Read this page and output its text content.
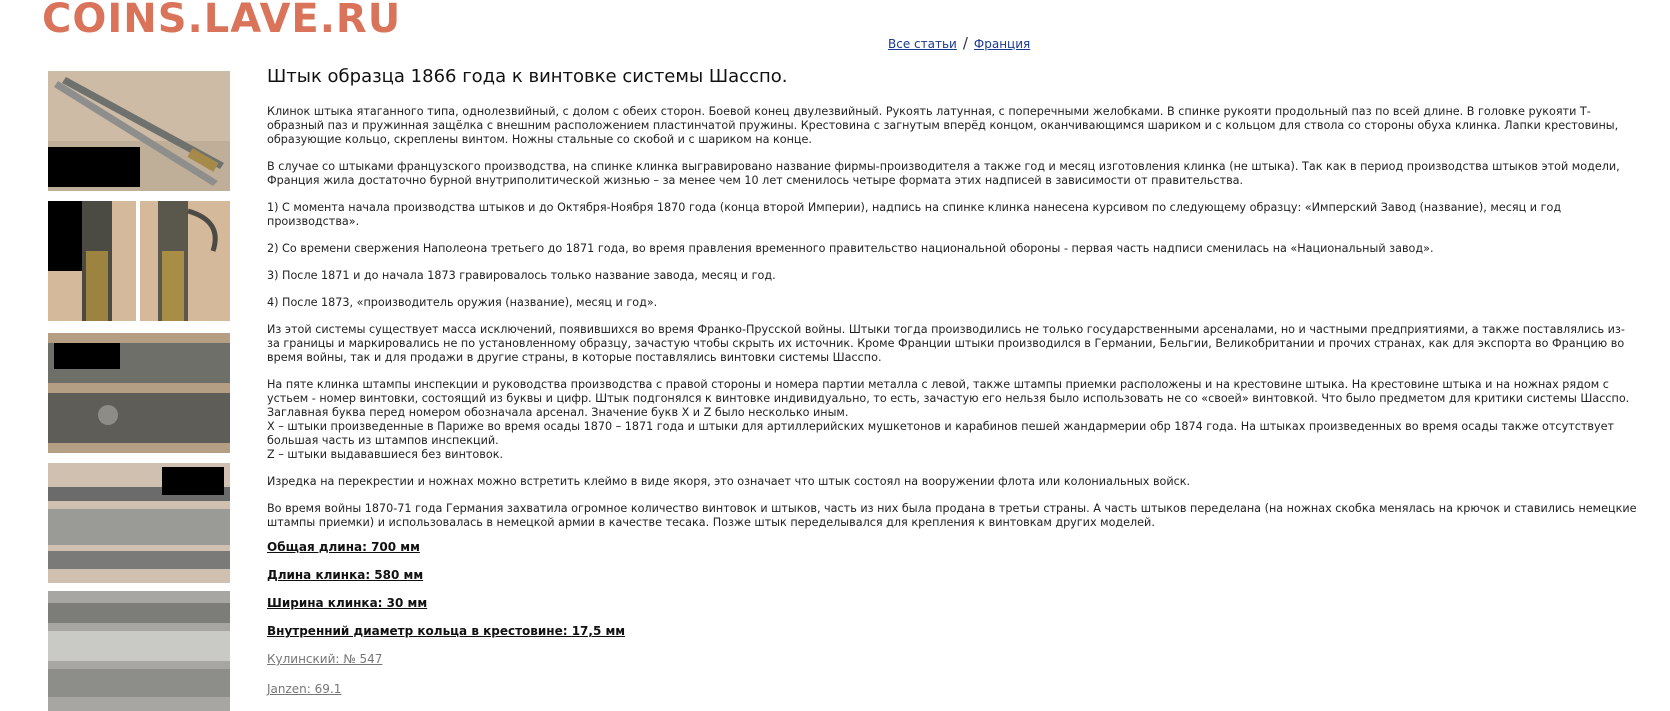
COINS.LAVE.RU
Все статьи / Франция
Штык образца 1866 года к винтовке системы Шасспо.

Клинок штыка ятаганного типа, однолезвийный, с долом с обеих сторон. Боевой конец двулезвийный. Рукоять латунная, с поперечными желобками. В спинке рукояти продольный паз по всей длине. В головке рукояти Т-образный паз и пружинная защёлка с внешним расположением пластинчатой пружины. Крестовина с загнутым вперёд концом, оканчивающимся шариком и с кольцом для ствола со стороны обуха клинка. Лапки крестовины, образующие кольцо, скреплены винтом. Ножны стальные со скобой и с шариком на конце.

В случае со штыками французского производства, на спинке клинка выгравировано название фирмы-производителя а также год и месяц изготовления клинка (не штыка). Так как в период производства штыков этой модели, Франция жила достаточно бурной внутриполитической жизнью – за менее чем 10 лет сменилось четыре формата этих надписей в зависимости от правительства.

1) С момента начала производства штыков и до Октября-Ноября 1870 года (конца второй Империи), надпись на спинке клинка нанесена курсивом по следующему образцу: «Имперский Завод (название), месяц и год производства».

2) Со времени свержения Наполеона третьего до 1871 года, во время правления временного правительство национальной обороны - первая часть надписи сменилась на «Национальный завод».

3) После 1871 и до начала 1873 гравировалось только название завода, месяц и год.

4) После 1873, «производитель оружия (название), месяц и год».

Из этой системы существует масса исключений, появившихся во время Франко-Прусской войны. Штыки тогда производились не только государственными арсеналами, но и частными предприятиями, а также поставлялись из-за границы и маркировались не по установленному образцу, зачастую чтобы скрыть их источник. Кроме Франции штыки производился в Германии, Бельгии, Великобритании и прочих странах, как для экспорта во Францию во время войны, так и для продажи в другие страны, в которые поставлялись винтовки системы Шасспо.

На пяте клинка штампы инспекции и руководства производства с правой стороны и номера партии металла с левой, также штампы приемки расположены и на крестовине штыка. На крестовине штыка и на ножнах рядом с устьем - номер винтовки, состоящий из буквы и цифр. Штык подгонялся к винтовке индивидуально, то есть, зачастую его нельзя было использовать не со «своей» винтовкой. Что было предметом для критики системы Шасспо. Заглавная буква перед номером обозначала арсенал. Значение букв X и Z было несколько иным.

X – штыки произведенные в Париже во время осады 1870 – 1871 года и штыки для артиллерийских мушкетонов и карабинов пешей жандармерии обр 1874 года. На штыках произведенных во время осады также отсутствует большая часть из штампов инспекций.

Z – штыки выдававшиеся без винтовок.

Изредка на перекрестии и ножнах можно встретить клеймо в виде якоря, это означает что штык состоял на вооружении флота или колониальных войск.

Во время войны 1870-71 года Германия захватила огромное количество винтовок и штыков, часть из них была продана в третьи страны. А часть штыков переделана (на ножнах скобка менялась на крючок и ставились немецкие штампы приемки) и использовалась в немецкой армии в качестве тесака. Позже штык переделывался для крепления к винтовкам других моделей.

Общая длина: 700 мм

Длина клинка: 580 мм

Ширина клинка: 30 мм

Внутренний диаметр кольца в крестовине: 17,5 мм

Кулинский: № 547

Janzen: 69.1
